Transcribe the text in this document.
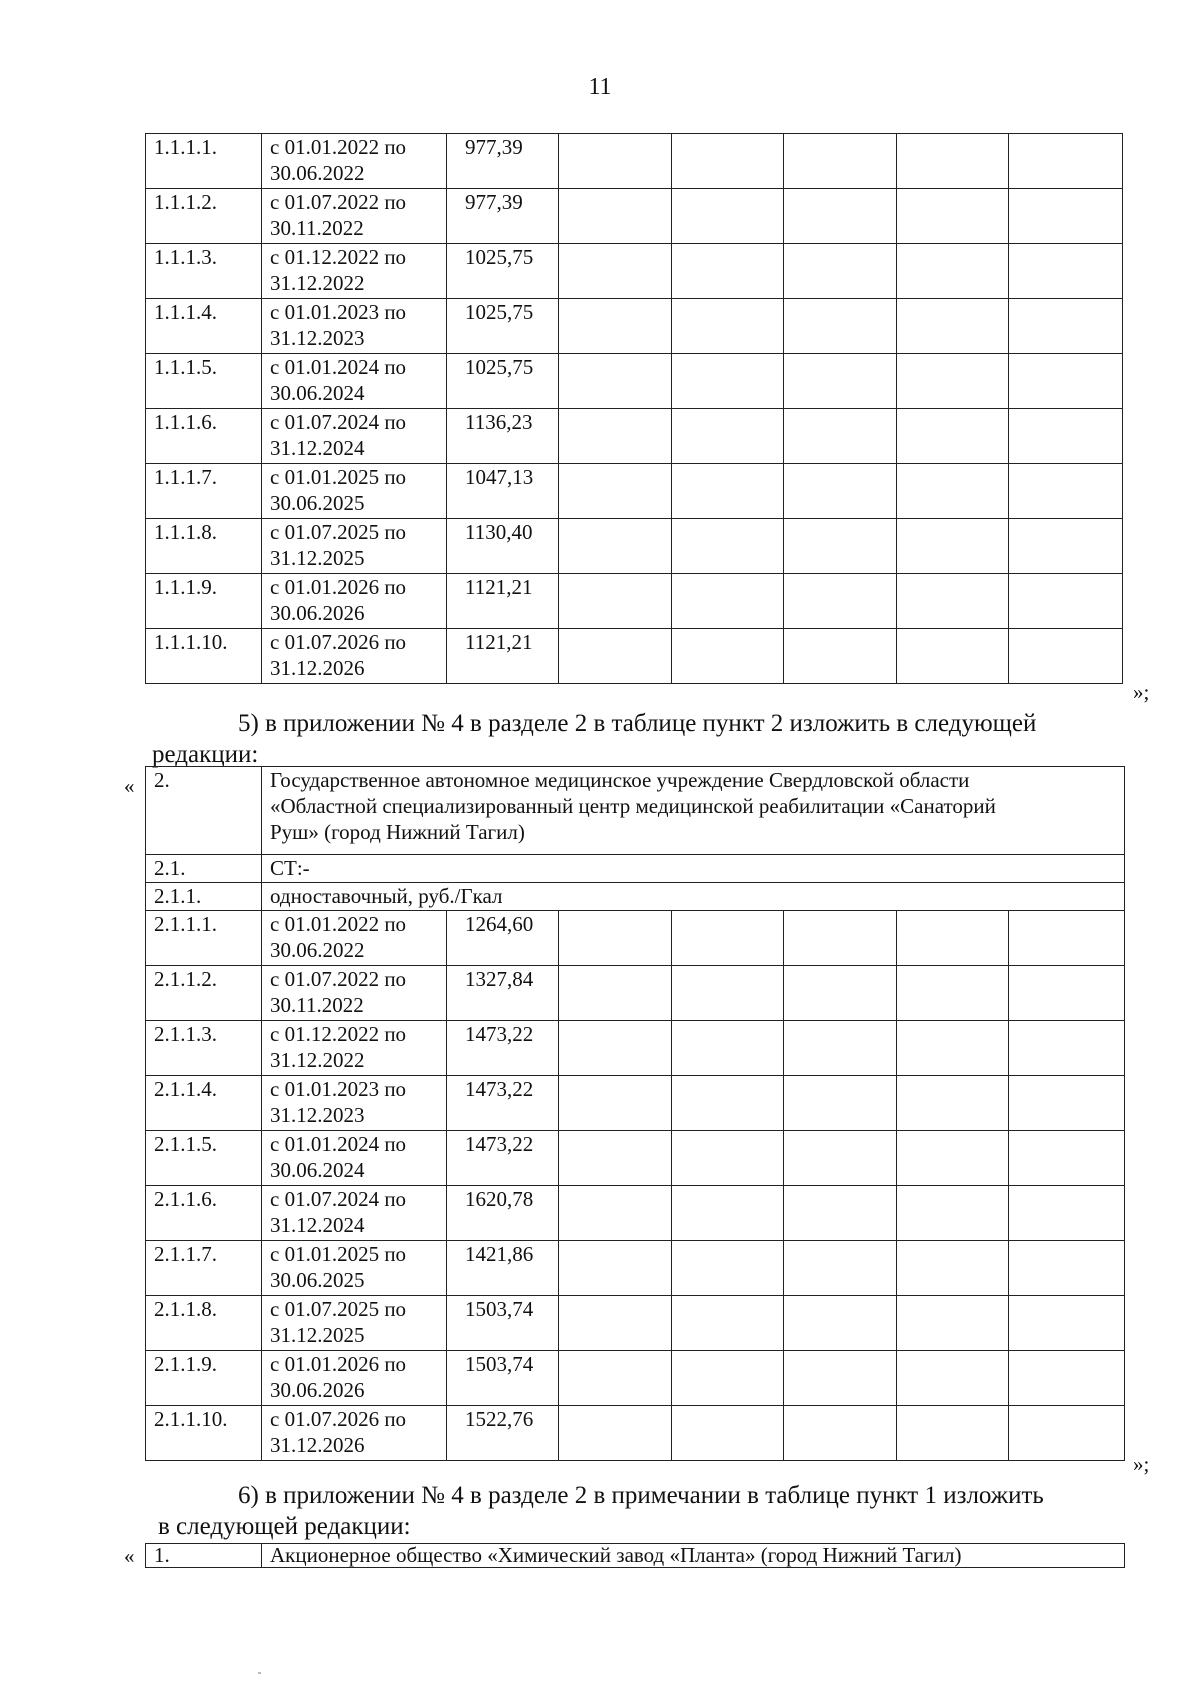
11
1.1.1.1.	с 01.01.2022 по
30.06.2022	977,39					
1.1.1.2.	с 01.07.2022 по
30.11.2022	977,39					
1.1.1.3.	с 01.12.2022 по
31.12.2022	1025,75					
1.1.1.4.	с 01.01.2023 по
31.12.2023	1025,75					
1.1.1.5.	с 01.01.2024 по
30.06.2024	1025,75					
1.1.1.6.	с 01.07.2024 по
31.12.2024	1136,23					
1.1.1.7.	с 01.01.2025 по
30.06.2025	1047,13					
1.1.1.8.	с 01.07.2025 по
31.12.2025	1130,40					
1.1.1.9.	с 01.01.2026 по
30.06.2026	1121,21					
1.1.1.10.	с 01.07.2026 по
31.12.2026	1121,21					
»;
5) в приложении № 4 в разделе 2 в таблице пункт 2 изложить в следующей
редакции:
« 2.	Государственное автономное медицинское учреждение Свердловской области
«Областной специализированный центр медицинской реабилитации «Санаторий
Руш» (город Нижний Тагил)						
2.1.	СТ:-						
2.1.1.	одноставочный, руб./Гкал						
2.1.1.1.	с 01.01.2022 по
30.06.2022	1264,60					
2.1.1.2.	с 01.07.2022 по
30.11.2022	1327,84					
2.1.1.3.	с 01.12.2022 по
31.12.2022	1473,22					
2.1.1.4.	с 01.01.2023 по
31.12.2023	1473,22					
2.1.1.5.	с 01.01.2024 по
30.06.2024	1473,22					
2.1.1.6.	с 01.07.2024 по
31.12.2024	1620,78					
2.1.1.7.	с 01.01.2025 по
30.06.2025	1421,86					
2.1.1.8.	с 01.07.2025 по
31.12.2025	1503,74					
2.1.1.9.	с 01.01.2026 по
30.06.2026	1503,74					
2.1.1.10.	с 01.07.2026 по
31.12.2026	1522,76					
»;
6) в приложении № 4 в разделе 2 в примечании в таблице пункт 1 изложить
в следующей редакции:
« 1.	Акционерное общество «Химический завод «Планта» (город Нижний Тагил)
